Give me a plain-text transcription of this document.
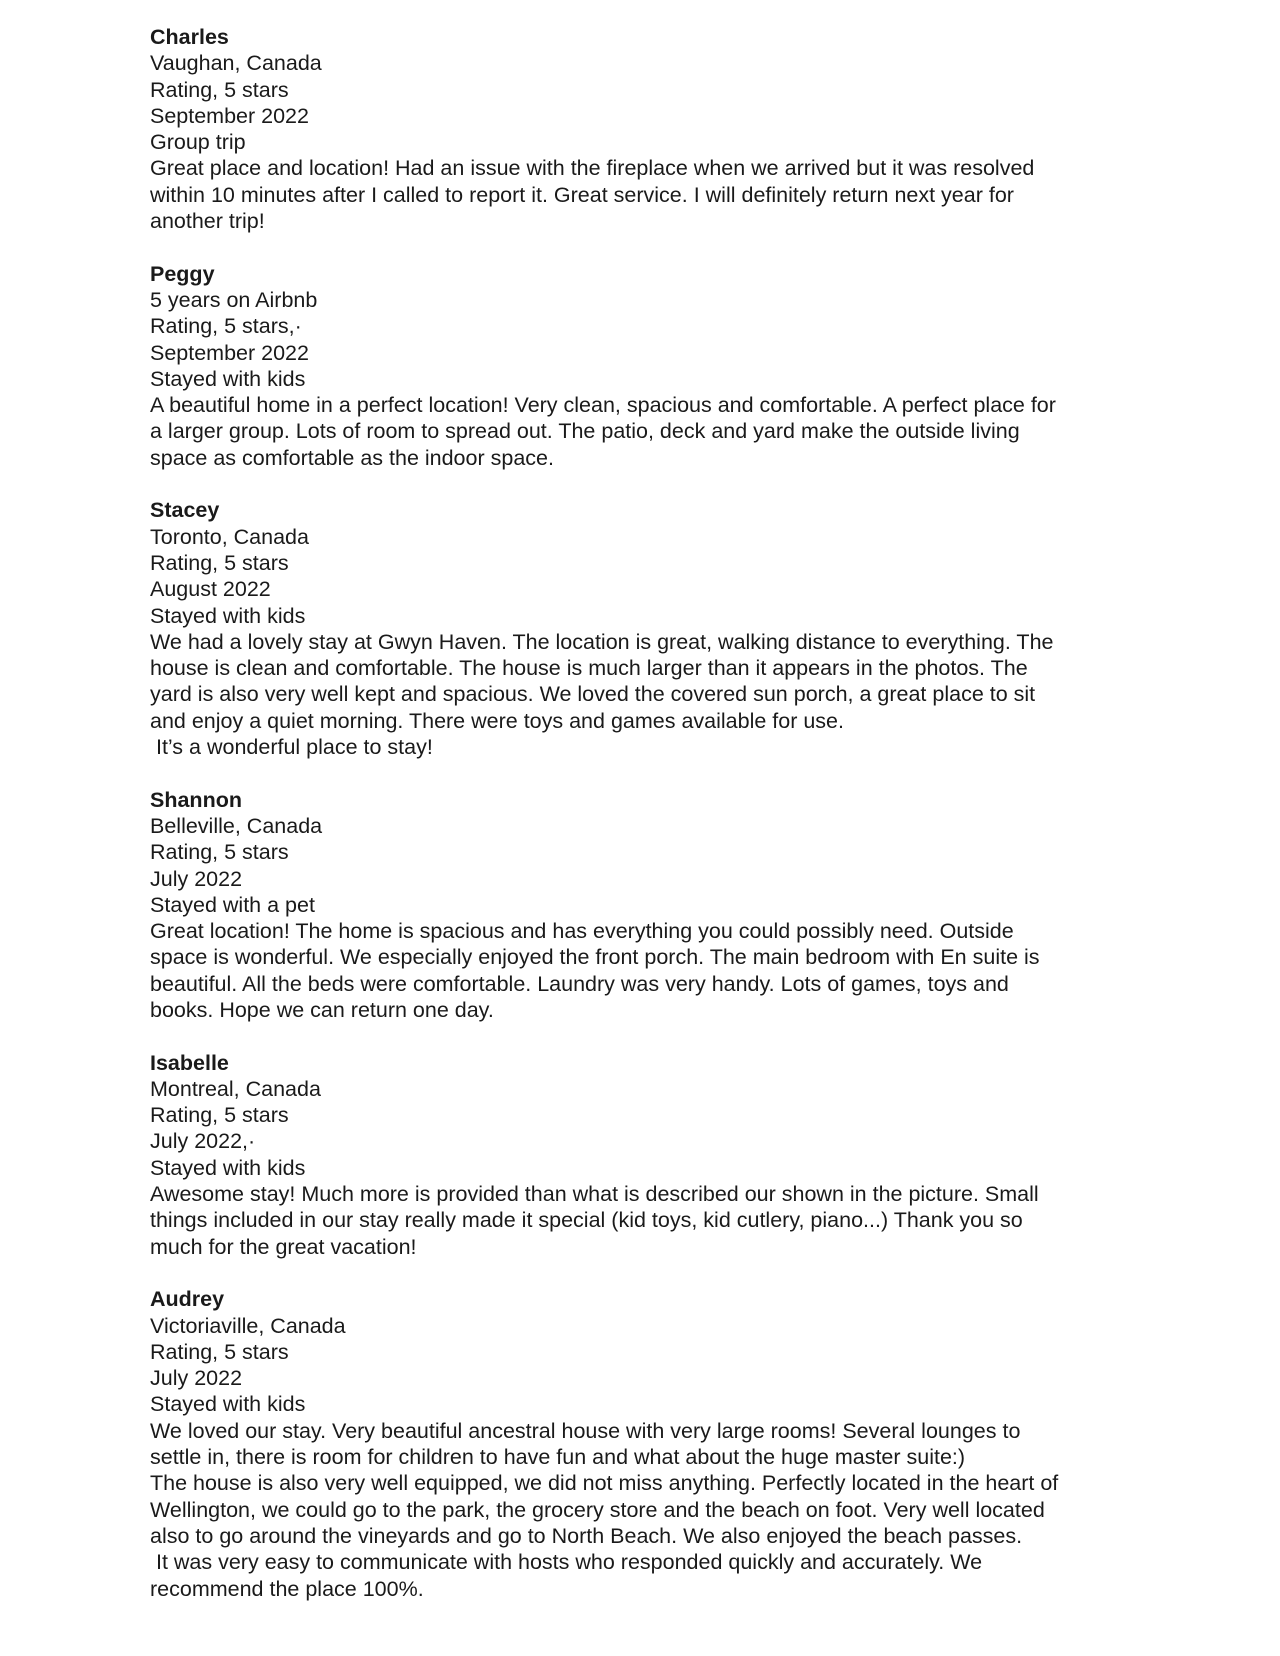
Charles
Vaughan, Canada
Rating, 5 stars
September 2022
Group trip
Great place and location! Had an issue with the fireplace when we arrived but it was resolved
within 10 minutes after I called to report it. Great service. I will definitely return next year for
another trip!
Peggy
5 years on Airbnb
Rating, 5 stars,·
September 2022
Stayed with kids
A beautiful home in a perfect location! Very clean, spacious and comfortable. A perfect place for
a larger group. Lots of room to spread out. The patio, deck and yard make the outside living
space as comfortable as the indoor space.
Stacey
Toronto, Canada
Rating, 5 stars
August 2022
Stayed with kids
We had a lovely stay at Gwyn Haven. The location is great, walking distance to everything. The
house is clean and comfortable. The house is much larger than it appears in the photos. The
yard is also very well kept and spacious. We loved the covered sun porch, a great place to sit
and enjoy a quiet morning. There were toys and games available for use.
It’s a wonderful place to stay!
Shannon
Belleville, Canada
Rating, 5 stars
July 2022
Stayed with a pet
Great location! The home is spacious and has everything you could possibly need. Outside
space is wonderful. We especially enjoyed the front porch. The main bedroom with En suite is
beautiful. All the beds were comfortable. Laundry was very handy. Lots of games, toys and
books. Hope we can return one day.
Isabelle
Montreal, Canada
Rating, 5 stars
July 2022,·
Stayed with kids
Awesome stay! Much more is provided than what is described our shown in the picture. Small
things included in our stay really made it special (kid toys, kid cutlery, piano...) Thank you so
much for the great vacation!
Audrey
Victoriaville, Canada
Rating, 5 stars
July 2022
Stayed with kids
We loved our stay. Very beautiful ancestral house with very large rooms! Several lounges to
settle in, there is room for children to have fun and what about the huge master suite:)
The house is also very well equipped, we did not miss anything. Perfectly located in the heart of
Wellington, we could go to the park, the grocery store and the beach on foot. Very well located
also to go around the vineyards and go to North Beach. We also enjoyed the beach passes.
It was very easy to communicate with hosts who responded quickly and accurately. We
recommend the place 100%.
